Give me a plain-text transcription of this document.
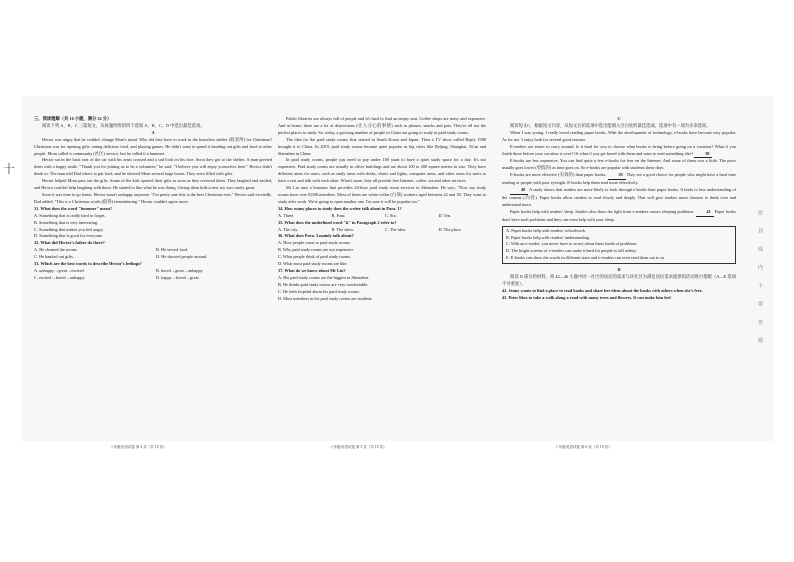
十
密 封 线 内 不 要 答 题

三、阅读理解（共 16 小题，满分 32 分）

阅读下列 A、B、C 三篇短文，从每题所给的四个选项 A、B、C、D 中选出最佳选项。

A

Hector was angry that he couldn't change Mom's mind. Why did they have to work in the homeless shelter (收容所) for Christmas? Christmas was for opening gifts, eating delicious food, and playing games. He didn't want to spend it handing out gifts and food to other people. Mom called it community (社区) service, but he called it a bummer.

Hector sat in the back seat of the car with his arms crossed and a sad look on his face. Soon they got to the shelter. A man greeted them with a happy smile. "Thank you for joining us to be a volunteer," he said. "I believe you will enjoy yourselves here." Hector didn't think so. The man told Dad where to put food, and he showed Mom several large boxes. They were filled with gifts.

Hector helped Mom pass out the gifts. Some of the kids opened their gifts as soon as they received them. They laughed and smiled, and Hector couldn't help laughing with them. He started to like what he was doing. Giving them kids a new toy was surely great.

Soon it was time to go home. Hector wasn't unhappy anymore. "I'm pretty sure this is the best Christmas ever," Hector said excitedly. Dad added, "This is a Christmas worth (值得) remembering." Hector couldn't agree more.

31. What does the word "bummer" mean?

A. Something that is really hard to forget.
B. Something that is very interesting.
C. Something that makes you feel angry.
D. Something that is good for everyone.

32. What did Hector's father do there?

A. He cleaned the rooms.	B. He served food.
C. He handed out gifts.	D. He showed people around.

33. Which are the best words to describe Hector's feelings?

A. unhappy→great→excited	B. bored→great→unhappy
C. excited→bored→unhappy	D. happy→bored→great
八年级英语试卷 第 4 页（共 10 页）

Public libraries are always full of people and it's hard to find an empty seat. Coffee shops are noisy and expensive. And at home, there are a lot of distractions (让人分心的事情) such as phones, snacks and pets. They're all not the perfect places to study. So, today, a growing number of people in China are going to study in paid study rooms.

The idea for the paid study rooms first started in South Korea and Japan. Then a TV show called Reply 1988 brought it to China. In 2019, paid study rooms became quite popular in big cities like Beijing, Shanghai, Xi'an and Shenzhen in China.

In paid study rooms, people just need to pay under 100 yuan to have a quiet study space for a day. It's not expensive. Paid study rooms are usually in office buildings and are about 100 to 200 square meters in size. They have different areas for users, such as study areas with desks, chairs and lights, computer areas, and other areas for users to have a rest and talk with each other. What's more, they all provide free Internet, coffee, tea and other services.

Mr Liu runs a business that provides 24-hour paid study room services in Shenzhen. He says, "Now my study rooms have over 8,000 members. Most of them are white-collar (白领) workers aged between 22 and 30. They want to study after work. We're going to open another one. I'm sure it will be popular too."

34. How many places to study does the writer talk about in Para. 1?

A. Three.	B. Four.	C. Six.	D. Ten.

35. What does the underlined word "it" in Paragraph 2 refer to?

A. The city.	B. The show.	C. The idea.	D. The place.

36. What does Para. 3 mainly talk about?

A. How people come to paid study rooms.
B. Why paid study rooms are not expensive.
C. What people think of paid study rooms.
D. What most paid study rooms are like.

37. What do we know about Mr Liu?

A. His paid study rooms are the biggest in Shenzhen.
B. He thinks paid study rooms are very comfortable.
C. He feels hopeful about his paid study rooms.
D. Most members in his paid study rooms are students.
八年级英语试卷 第 5 页（共 10 页）

C

阅读短文C，根据短文内容，从短文后的选项中选出能填入空白处的最佳选项。选项中有一项为多余选项。

When I was young, I really loved reading paper books. With the development of technology, e-books have become very popular. As for me, I enjoy both for several good reasons.

E-readers are easier to carry around. Is it hard for you to choose what books to bring before going on a vacation? What if you finish those before your vacation is over? Or what if you get bored with them and want to read something else?	38

E-books are less expensive. You can find quite a few e-books for free on the Internet. And some of them cost a little. The price usually goes lower (更低的) as time goes on. So e-books are popular with students these days.

E-books are more effective (有效的) than paper books.	39 They are a good choice for people who might have a hard time reading or people with poor eyesight. E-books help them read more effectively.

40 A study shows that readers are more likely to look through e-books than paper books. It leads to less understanding of the content (内容). Paper books allow readers to read slowly and deeply. That will give readers more chances to think over and understand more.

Paper books help with readers' sleep. Studies also show the light from e-readers causes sleeping problems.	41 Paper books don't have such problems and they can even help with your sleep.

A. Paper books help with readers' schoolwork.
B. Paper books help with readers' understanding.
C. With an e-reader, you never have to worry about these kinds of problems.
D. The bright screens of e-readers can make it hard for people to fall asleep.
E. E-books can show the words in different sizes and e-readers can even read them out to us.

D

阅读 D 部分的材料，将 42—46 小题中同一社区的居民的需求与该社区为满足居民需求提供的活动进行搭配（A—E 选项不可重复）。

42. Jenny wants to find a place to read books and share her ideas about the books with others when she's free.

43. Peter likes to take a walk along a road with many trees and flowers. It can make him feel

八年级英语试卷 第 6 页（共 10 页）
